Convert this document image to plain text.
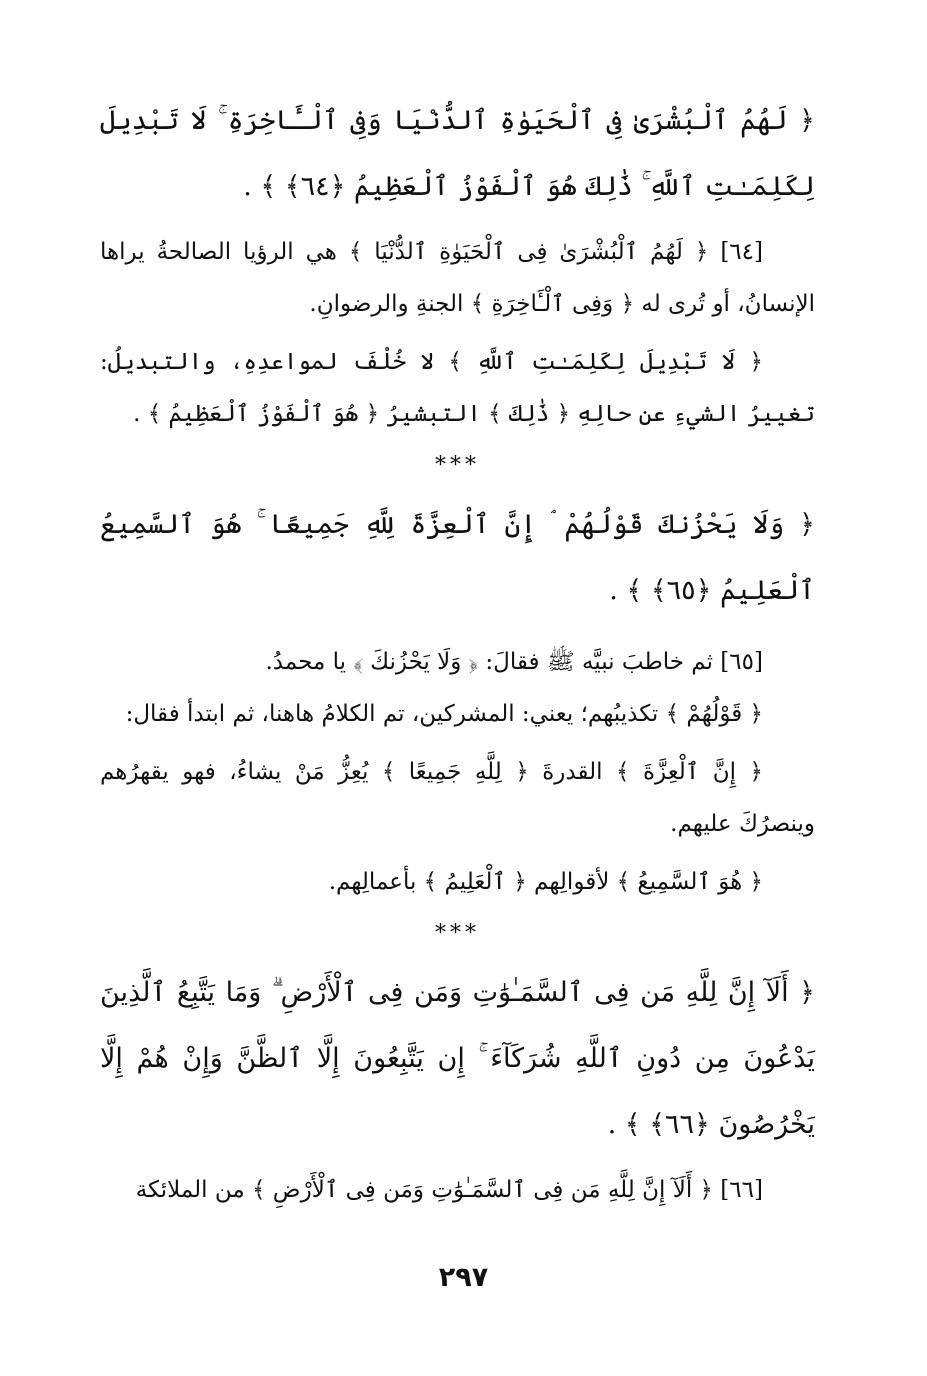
﴿ لَهُمُ ٱلْبُشْرَىٰ فِى ٱلْحَيَوٰةِ ٱلدُّنْيَا وَفِى ٱلْـَٔاخِرَةِ ۚ لَا تَبْدِيلَ لِكَلِمَـٰتِ ٱللَّهِ ۚ ذَٰلِكَ هُوَ ٱلْفَوْزُ ٱلْعَظِيمُ ﴿٦٤﴾ ﴾ .

[٦٤] ﴿ لَهُمُ ٱلْبُشْرَىٰ فِى ٱلْحَيَوٰةِ ٱلدُّنْيَا ﴾ هي الرؤيا الصالحةُ يراها الإنسانُ، أو تُرى له ﴿ وَفِى ٱلْـَٔاخِرَةِ ﴾ الجنةِ والرضوانِ.

﴿ لَا تَبْدِيلَ لِكَلِمَـٰتِ ٱللَّهِ ﴾ لا خُلْفَ لمواعدِهِ، والتبديلُ: تغييرُ الشيءِ عن حالِهِ ﴿ ذَٰلِكَ ﴾ التبشيرُ ﴿ هُوَ ٱلْفَوْزُ ٱلْعَظِيمُ ﴾ .

***

﴿ وَلَا يَحْزُنكَ قَوْلُهُمْ ۘ إِنَّ ٱلْعِزَّةَ لِلَّهِ جَمِيعًا ۚ هُوَ ٱلسَّمِيعُ ٱلْعَلِيمُ ﴿٦٥﴾ ﴾ .

[٦٥] ثم خاطبَ نبيَّه ﷺ فقالَ: ﴿ وَلَا يَحْزُنكَ ﴾ يا محمدُ.

﴿ قَوْلُهُمْ ﴾ تكذيبُهم؛ يعني: المشركين، تم الكلامُ هاهنا، ثم ابتدأ فقال:

﴿ إِنَّ ٱلْعِزَّةَ ﴾ القدرةَ ﴿ لِلَّهِ جَمِيعًا ﴾ يُعِزُّ مَنْ يشاءُ، فهو يقهرُهم وينصرُكَ عليهم.

﴿ هُوَ ٱلسَّمِيعُ ﴾ لأقوالِهم ﴿ ٱلْعَلِيمُ ﴾ بأعمالِهم.

***

﴿ أَلَآ إِنَّ لِلَّهِ مَن فِى ٱلسَّمَـٰوَٰتِ وَمَن فِى ٱلْأَرْضِ ۗ وَمَا يَتَّبِعُ ٱلَّذِينَ يَدْعُونَ مِن دُونِ ٱللَّهِ شُرَكَآءَ ۚ إِن يَتَّبِعُونَ إِلَّا ٱلظَّنَّ وَإِنْ هُمْ إِلَّا يَخْرُصُونَ ﴿٦٦﴾ ﴾ .

[٦٦] ﴿ أَلَآ إِنَّ لِلَّهِ مَن فِى ٱلسَّمَـٰوَٰتِ وَمَن فِى ٱلْأَرْضِ ﴾ من الملائكة

٢٩٧
